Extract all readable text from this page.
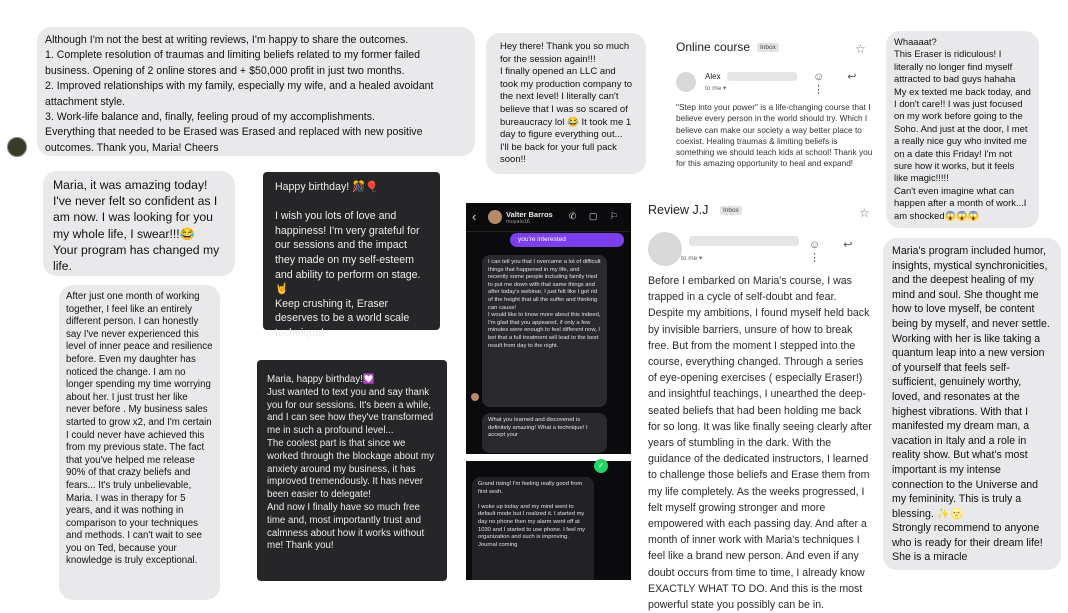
Although I'm not the best at writing reviews, I'm happy to share the outcomes.
1. Complete resolution of traumas and limiting beliefs related to my former failed business. Opening of 2 online stores and + $50,000 profit in just two months.
2. Improved relationships with my family, especially my wife, and a healed avoidant attachment style.
3. Work-life balance and, finally, feeling proud of my accomplishments.
Everything that needed to be Erased was Erased and replaced with new positive outcomes. Thank you, Maria! Cheers
Maria, it was amazing today! I've never felt so confident as I am now. I was looking for you my whole life, I swear!!!😂
Your program has changed my life.
After just one month of working together, I feel like an entirely different person. I can honestly say I've never experienced this level of inner peace and resilience before. Even my daughter has noticed the change. I am no longer spending my time worrying about her. I just trust her like never before . My business sales started to grow x2, and I'm certain I could never have achieved this from my previous state. The fact that you've helped me release 90% of that crazy beliefs and fears... It's truly unbelievable, Maria. I was in therapy for 5 years, and it was nothing in comparison to your techniques and methods. I can't wait to see you on Ted, because your knowledge is truly exceptional.
Happy birthday! 🎊🎈

I wish you lots of love and happiness! I'm very grateful for our sessions and the impact they made on my self-esteem and ability to perform on stage.🤘
Keep crushing it, Eraser deserves to be a world scale technique!
Maria, happy birthday!💟
Just wanted to text you and say thank you for our sessions. It's been a while, and I can see how they've transformed me in such a profound level...
The coolest part is that since we worked through the blockage about my anxiety around my business, it has improved tremendously. It has never been easier to delegate!
And now I finally have so much free time and, most importantly trust and calmness about how it works without me! Thank you!
Hey there! Thank you so much for the session again!!!
I finally opened an LLC and took my production company to the next level! I literally can't believe that I was so scared of bureaucracy lol 😂 It took me 1 day to figure everything out...
I'll be back for your full pack soon!!
‹	Valter Barros
muyalu16
✆ ▢ ⚐
you're interested
I can tell you that I overcame a lot of difficult things that happened in my life, and recently some people including family tried to put me down with that same things and after today's webinar, I just felt like I got rid of the height that all the suffer and thinking can cause!
I would like to know more about this indeed, I'm glad that you appeared, if only a few minutes were enough to feel different now, I bet that a full treatment will lead to the best result from day to the night.
What you learned and discovered is definitely amazing! What a technique! I accept your
✓
Grand rising! I'm feeling really good from first sesh.

I woke up today and my mind went to default mode but I realized it. I started my day no phone then my alarm went off at 1030 and I started to use phone. I feel my organization and such is improving. Journal coming
Online course	Inbox	☆
Alex
to me ▾
☺ ↩ ⋮
"Step into your power" is a life-changing course that I believe every person in the world should try. Which I believe can make our society a way better place to coexist. Healing traumas & limiting beliefs is something we should teach kids at school! Thank you for this amazing opportunity to heal and expand!
Review J.J	Inbox	☆
to me ▾
☺ ↩ ⋮
Before I embarked on Maria's course, I was trapped in a cycle of self-doubt and fear. Despite my ambitions, I found myself held back by invisible barriers, unsure of how to break free. But from the moment I stepped into the course, everything changed. Through a series of eye-opening exercises ( especially Eraser!) and insightful teachings, I unearthed the deep-seated beliefs that had been holding me back for so long. It was like finally seeing clearly after years of stumbling in the dark. With the guidance of the dedicated instructors, I learned to challenge those beliefs and Erase them from my life completely. As the weeks progressed, I felt myself growing stronger and more empowered with each passing day. And after a month of inner work with Maria's techniques I feel like a brand new person. And even if any doubt occurs from time to time, I already know EXACTLY WHAT TO DO. And this is the most powerful state you possibly can be in.
Whaaaat?
This Eraser is ridiculous! I literally no longer find myself attracted to bad guys hahaha
My ex texted me back today, and I don't care!! I was just focused on my work before going to the Soho. And just at the door, I met a really nice guy who invited me on a date this Friday! I'm not sure how it works, but it feels like magic!!!!!
Can't even imagine what can happen after a month of work...I am shocked😱😱😱
Maria's program included humor, insights, mystical synchronicities, and the deepest healing of my mind and soul. She thought me how to love myself, be content being by myself, and never settle. Working with her is like taking a quantum leap into a new version of yourself that feels self-sufficient, genuinely worthy, loved, and resonates at the highest vibrations. With that I manifested my dream man, a vacation in Italy and a role in reality show. But what's most important is my intense connection to the Universe and my femininity. This is truly a blessing. ✨🌝
Strongly recommend to anyone who is ready for their dream life! She is a miracle
